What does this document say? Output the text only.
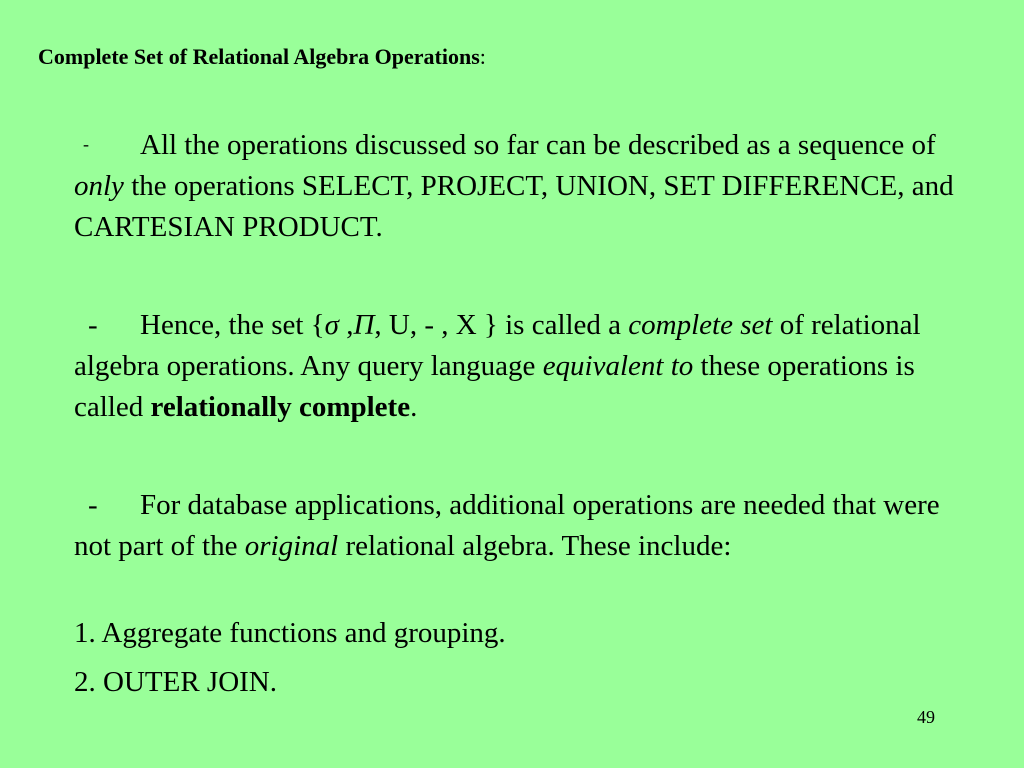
Complete Set of Relational Algebra Operations:
- All the operations discussed so far can be described as a sequence of only the operations SELECT, PROJECT, UNION, SET DIFFERENCE, and CARTESIAN PRODUCT.
- Hence, the set {σ ,Π, U, - , X } is called a complete set of relational algebra operations. Any query language equivalent to these operations is called relationally complete.
- For database applications, additional operations are needed that were not part of the original relational algebra. These include:
1. Aggregate functions and grouping.
2. OUTER JOIN.
49
